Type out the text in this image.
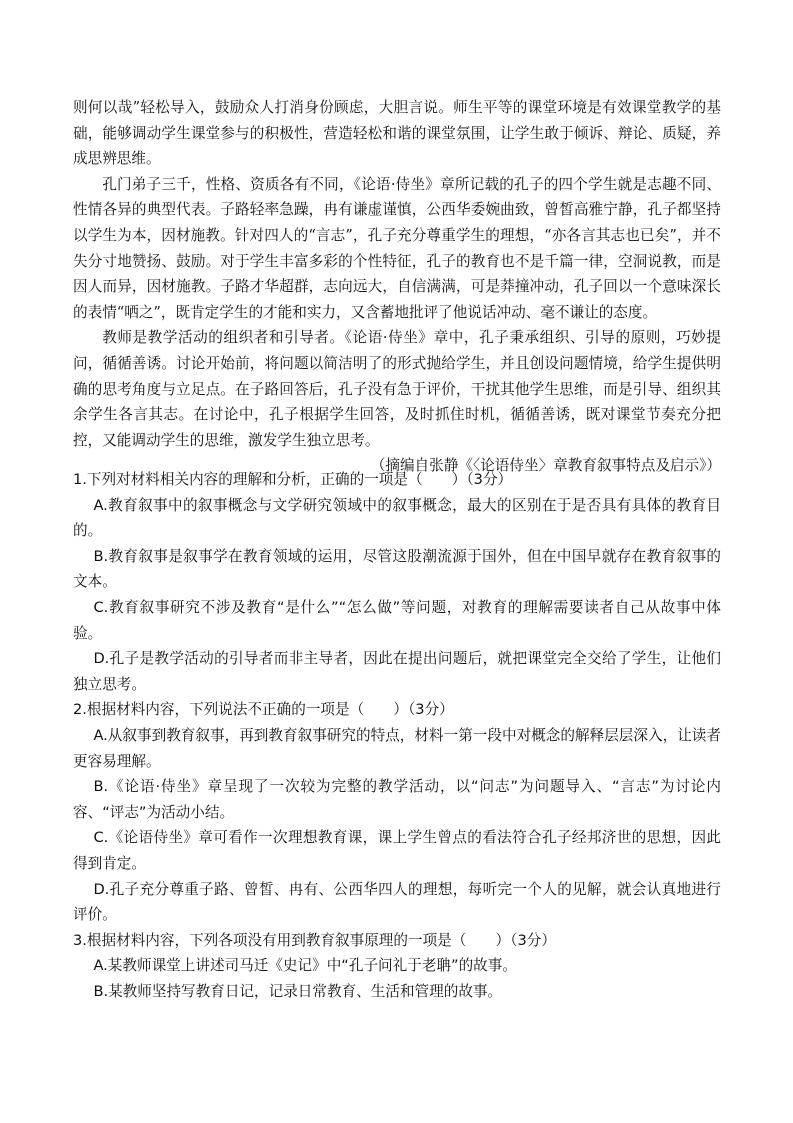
则何以哉”轻松导入，鼓励众人打消身份顾虑，大胆言说。师生平等的课堂环境是有效课堂教学的基础，能够调动学生课堂参与的积极性，营造轻松和谐的课堂氛围，让学生敢于倾诉、辩论、质疑，养成思辨思维。

孔门弟子三千，性格、资质各有不同，《论语·侍坐》章所记载的孔子的四个学生就是志趣不同、性情各异的典型代表。子路轻率急躁，冉有谦虚谨慎，公西华委婉曲致，曾皙高雅宁静，孔子都坚持以学生为本，因材施教。针对四人的“言志”，孔子充分尊重学生的理想，“亦各言其志也已矣”，并不失分寸地赞扬、鼓励。对于学生丰富多彩的个性特征，孔子的教育也不是千篇一律，空洞说教，而是因人而异，因材施教。子路才华超群，志向远大，自信满满，可是莽撞冲动，孔子回以一个意味深长的表情“哂之”，既肯定学生的才能和实力，又含蓄地批评了他说话冲动、毫不谦让的态度。

教师是教学活动的组织者和引导者。《论语·侍坐》章中，孔子秉承组织、引导的原则，巧妙提问，循循善诱。讨论开始前，将问题以简洁明了的形式抛给学生，并且创设问题情境，给学生提供明确的思考角度与立足点。在子路回答后，孔子没有急于评价，干扰其他学生思维，而是引导、组织其余学生各言其志。在讨论中，孔子根据学生回答，及时抓住时机，循循善诱，既对课堂节奏充分把控，又能调动学生的思维，激发学生独立思考。

（摘编自张静《〈论语侍坐〉章教育叙事特点及启示》）

1.下列对材料相关内容的理解和分析，正确的一项是（　　）（3分）

A.教育叙事中的叙事概念与文学研究领域中的叙事概念，最大的区别在于是否具有具体的教育目的。

B.教育叙事是叙事学在教育领域的运用，尽管这股潮流源于国外，但在中国早就存在教育叙事的文本。

C.教育叙事研究不涉及教育“是什么”“怎么做”等问题，对教育的理解需要读者自己从故事中体验。

D.孔子是教学活动的引导者而非主导者，因此在提出问题后，就把课堂完全交给了学生，让他们独立思考。

2.根据材料内容，下列说法不正确的一项是（　　）（3分）

A.从叙事到教育叙事，再到教育叙事研究的特点，材料一第一段中对概念的解释层层深入，让读者更容易理解。

B.《论语·侍坐》章呈现了一次较为完整的教学活动，以“问志”为问题导入、“言志”为讨论内容、“评志”为活动小结。

C.《论语侍坐》章可看作一次理想教育课，课上学生曾点的看法符合孔子经邦济世的思想，因此得到肯定。

D.孔子充分尊重子路、曾皙、冉有、公西华四人的理想，每听完一个人的见解，就会认真地进行评价。

3.根据材料内容，下列各项没有用到教育叙事原理的一项是（　　）（3分）

A.某教师课堂上讲述司马迁《史记》中“孔子问礼于老聃”的故事。

B.某教师坚持写教育日记，记录日常教育、生活和管理的故事。
